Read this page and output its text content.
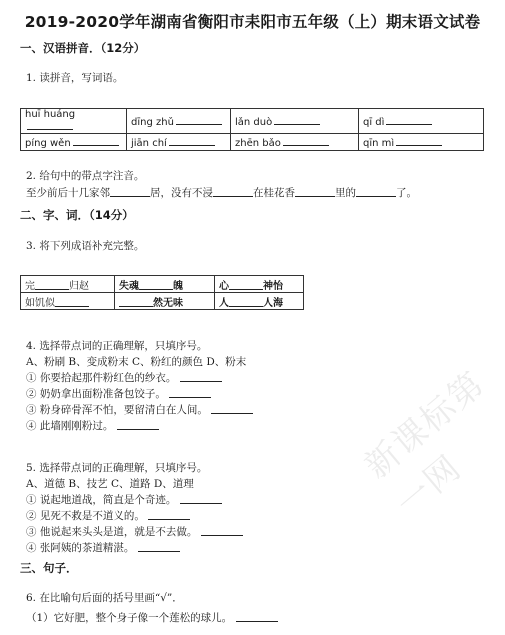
2019-2020学年湖南省衡阳市耒阳市五年级（上）期末语文试卷
一、汉语拼音．（12分）
1. 读拼音，写词语。
huī huáng	dīng zhǔ	lǎn duò	qī dì
píng wěn	jiān chí	zhēn bǎo	qīn mì
2. 给句中的带点字注音。
至少前后十几家邻	居，没有不浸	在桂花香	里的	了。
二、字、词．（14分）
3. 将下列成语补充完整。
完 归赵	失魂 魄	心 神怡
如饥似	然无味	人 人海
4. 选择带点词的正确理解，只填序号。
A、粉刷 B、变成粉末 C、粉红的颜色 D、粉末
① 你要拾起那件粉红色的纱衣。
② 奶奶拿出面粉准备包饺子。
③ 粉身碎骨浑不怕，要留清白在人间。
④ 此墙刚刚粉过。
5. 选择带点词的正确理解，只填序号。
A、道德 B、技艺 C、道路 D、道理
① 说起地道战，简直是个奇迹。
② 见死不救是不道义的。
③ 他说起来头头是道，就是不去做。
④ 张阿姨的茶道精湛。
三、句子．
6. 在比喻句后面的括号里画“√”．
（1）它好肥，整个身子像一个莲松的球儿。
新课标第一网
